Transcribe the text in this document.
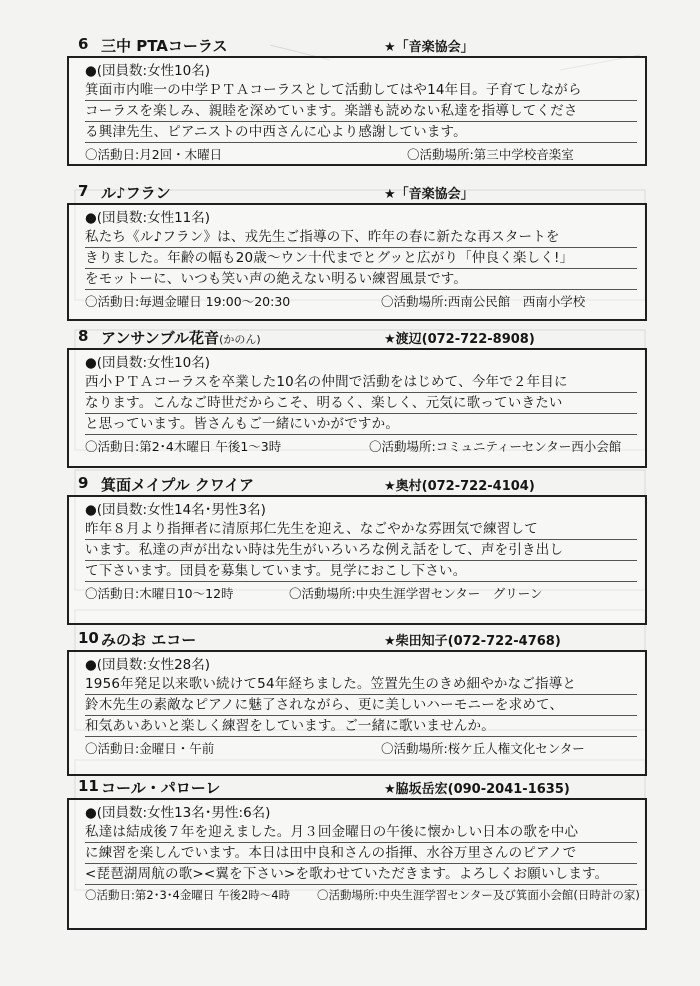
6 三中 PTAコーラス	★「音楽協会」
●(団員数:女性10名)
箕面市内唯一の中学ＰＴＡコーラスとして活動してはや14年目。子育てしながら
コーラスを楽しみ、親睦を深めています。楽譜も読めない私達を指導してくださ
る興津先生、ピアニストの中西さんに心より感謝しています。
〇活動日:月2回・木曜日	〇活動場所:第三中学校音楽室
7 ル♪フラン	★「音楽協会」
●(団員数:女性11名)
私たち《ル♪フラン》は、戎先生ご指導の下、昨年の春に新たな再スタートを
きりました。年齢の幅も20歳～ウン十代までとグッと広がり「仲良く楽しく!」
をモットーに、いつも笑い声の絶えない明るい練習風景です。
〇活動日:毎週金曜日 19:00～20:30	〇活動場所:西南公民館　西南小学校
8 アンサンブル花音(かのん)	★渡辺(072-722-8908)
●(団員数:女性10名)
西小ＰＴＡコーラスを卒業した10名の仲間で活動をはじめて、今年で２年目に
なります。こんなご時世だからこそ、明るく、楽しく、元気に歌っていきたい
と思っています。皆さんもご一緒にいかがですか。
〇活動日:第2･4木曜日 午後1～3時	〇活動場所:コミュニティーセンター西小会館
9 箕面メイプル クワイア	★奥村(072-722-4104)
●(団員数:女性14名･男性3名)
昨年８月より指揮者に清原邦仁先生を迎え、なごやかな雰囲気で練習して
います。私達の声が出ない時は先生がいろいろな例え話をして、声を引き出し
て下さいます。団員を募集しています。見学におこし下さい。
〇活動日:木曜日10～12時	〇活動場所:中央生涯学習センター　グリーン
10 みのお エコー	★柴田知子(072-722-4768)
●(団員数:女性28名)
1956年発足以来歌い続けて54年経ちました。笠置先生のきめ細やかなご指導と
鈴木先生の素敵なピアノに魅了されながら、更に美しいハーモニーを求めて、
和気あいあいと楽しく練習をしています。ご一緒に歌いませんか。
〇活動日:金曜日・午前	〇活動場所:桜ケ丘人権文化センター
11 コール・パローレ	★脇坂岳宏(090-2041-1635)
●(団員数:女性13名･男性:6名)
私達は結成後７年を迎えました。月３回金曜日の午後に懐かしい日本の歌を中心
に練習を楽しんでいます。本日は田中良和さんの指揮、水谷万里さんのピアノで
<琵琶湖周航の歌><翼を下さい>を歌わせていただきます。よろしくお願いします。
〇活動日:第2･3･4金曜日 午後2時～4時 〇活動場所:中央生涯学習センター及び箕面小会館(日時計の家)
